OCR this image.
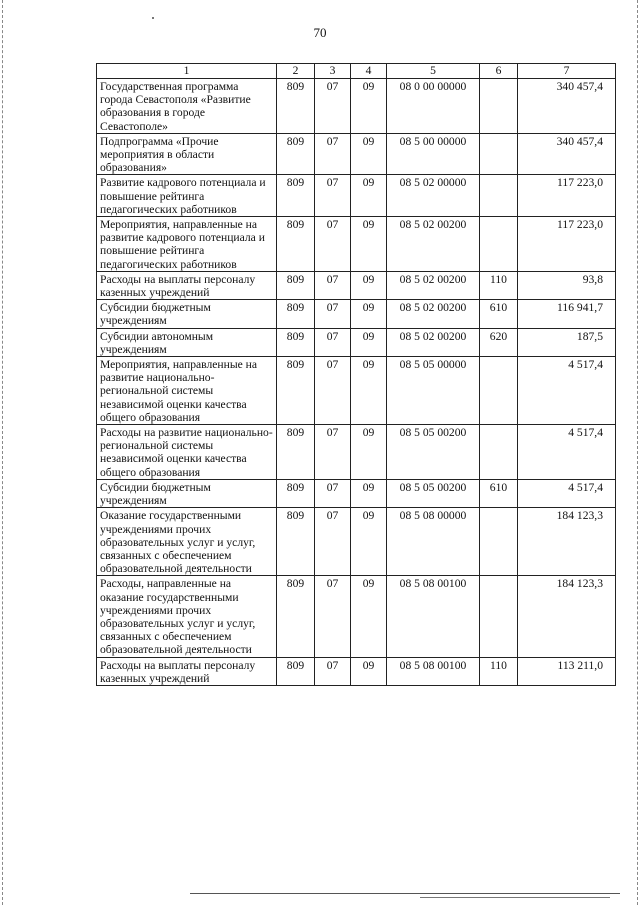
70
1	2	3	4	5	6	7
Государственная программа города Севастополя «Развитие образования в городе Севастополе»	809	07	09	08 0 00 00000		340 457,4
Подпрограмма «Прочие мероприятия в области образования»	809	07	09	08 5 00 00000		340 457,4
Развитие кадрового потенциала и повышение рейтинга педагогических работников	809	07	09	08 5 02 00000		117 223,0
Мероприятия, направленные на развитие кадрового потенциала и повышение рейтинга педагогических работников	809	07	09	08 5 02 00200		117 223,0
Расходы на выплаты персоналу казенных учреждений	809	07	09	08 5 02 00200	110	93,8
Субсидии бюджетным учреждениям	809	07	09	08 5 02 00200	610	116 941,7
Субсидии автономным учреждениям	809	07	09	08 5 02 00200	620	187,5
Мероприятия, направленные на развитие национально-региональной системы независимой оценки качества общего образования	809	07	09	08 5 05 00000		4 517,4
Расходы на развитие национально-региональной системы независимой оценки качества общего образования	809	07	09	08 5 05 00200		4 517,4
Субсидии бюджетным учреждениям	809	07	09	08 5 05 00200	610	4 517,4
Оказание государственными учреждениями прочих образовательных услуг и услуг, связанных с обеспечением образовательной деятельности	809	07	09	08 5 08 00000		184 123,3
Расходы, направленные на оказание государственными учреждениями прочих образовательных услуг и услуг, связанных с обеспечением образовательной деятельности	809	07	09	08 5 08 00100		184 123,3
Расходы на выплаты персоналу казенных учреждений	809	07	09	08 5 08 00100	110	113 211,0
